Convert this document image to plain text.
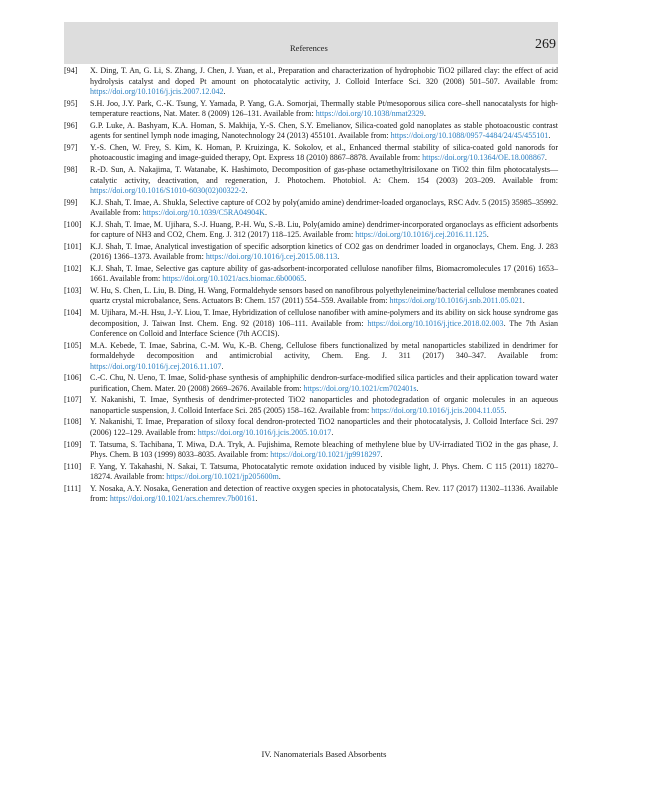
References	269
[94]	X. Ding, T. An, G. Li, S. Zhang, J. Chen, J. Yuan, et al., Preparation and characterization of hydrophobic TiO2 pillared clay: the effect of acid hydrolysis catalyst and doped Pt amount on photocatalytic activity, J. Colloid Interface Sci. 320 (2008) 501–507. Available from: https://doi.org/10.1016/j.jcis.2007.12.042.
[95]	S.H. Joo, J.Y. Park, C.-K. Tsung, Y. Yamada, P. Yang, G.A. Somorjai, Thermally stable Pt/mesoporous silica core–shell nanocatalysts for high-temperature reactions, Nat. Mater. 8 (2009) 126–131. Available from: https://doi.org/10.1038/nmat2329.
[96]	G.P. Luke, A. Bashyam, K.A. Homan, S. Makhija, Y.-S. Chen, S.Y. Emelianov, Silica-coated gold nanoplates as stable photoacoustic contrast agents for sentinel lymph node imaging, Nanotechnology 24 (2013) 455101. Available from: https://doi.org/10.1088/0957-4484/24/45/455101.
[97]	Y.-S. Chen, W. Frey, S. Kim, K. Homan, P. Kruizinga, K. Sokolov, et al., Enhanced thermal stability of silica-coated gold nanorods for photoacoustic imaging and image-guided therapy, Opt. Express 18 (2010) 8867–8878. Available from: https://doi.org/10.1364/OE.18.008867.
[98]	R.-D. Sun, A. Nakajima, T. Watanabe, K. Hashimoto, Decomposition of gas-phase octamethyltrisiloxane on TiO2 thin film photocatalysts—catalytic activity, deactivation, and regeneration, J. Photochem. Photobiol. A: Chem. 154 (2003) 203–209. Available from: https://doi.org/10.1016/S1010-6030(02)00322-2.
[99]	K.J. Shah, T. Imae, A. Shukla, Selective capture of CO2 by poly(amido amine) dendrimer-loaded organoclays, RSC Adv. 5 (2015) 35985–35992. Available from: https://doi.org/10.1039/C5RA04904K.
[100]	K.J. Shah, T. Imae, M. Ujihara, S.-J. Huang, P.-H. Wu, S.-B. Liu, Poly(amido amine) dendrimer-incorporated organoclays as efficient adsorbents for capture of NH3 and CO2, Chem. Eng. J. 312 (2017) 118–125. Available from: https://doi.org/10.1016/j.cej.2016.11.125.
[101]	K.J. Shah, T. Imae, Analytical investigation of specific adsorption kinetics of CO2 gas on dendrimer loaded in organoclays, Chem. Eng. J. 283 (2016) 1366–1373. Available from: https://doi.org/10.1016/j.cej.2015.08.113.
[102]	K.J. Shah, T. Imae, Selective gas capture ability of gas-adsorbent-incorporated cellulose nanofiber films, Biomacromolecules 17 (2016) 1653–1661. Available from: https://doi.org/10.1021/acs.biomac.6b00065.
[103]	W. Hu, S. Chen, L. Liu, B. Ding, H. Wang, Formaldehyde sensors based on nanofibrous polyethyleneimine/bacterial cellulose membranes coated quartz crystal microbalance, Sens. Actuators B: Chem. 157 (2011) 554–559. Available from: https://doi.org/10.1016/j.snb.2011.05.021.
[104]	M. Ujihara, M.-H. Hsu, J.-Y. Liou, T. Imae, Hybridization of cellulose nanofiber with amine-polymers and its ability on sick house syndrome gas decomposition, J. Taiwan Inst. Chem. Eng. 92 (2018) 106–111. Available from: https://doi.org/10.1016/j.jtice.2018.02.003. The 7th Asian Conference on Colloid and Interface Science (7th ACCIS).
[105]	M.A. Kebede, T. Imae, Sabrina, C.-M. Wu, K.-B. Cheng, Cellulose fibers functionalized by metal nanoparticles stabilized in dendrimer for formaldehyde decomposition and antimicrobial activity, Chem. Eng. J. 311 (2017) 340–347. Available from: https://doi.org/10.1016/j.cej.2016.11.107.
[106]	C.-C. Chu, N. Ueno, T. Imae, Solid-phase synthesis of amphiphilic dendron-surface-modified silica particles and their application toward water purification, Chem. Mater. 20 (2008) 2669–2676. Available from: https://doi.org/10.1021/cm702401s.
[107]	Y. Nakanishi, T. Imae, Synthesis of dendrimer-protected TiO2 nanoparticles and photodegradation of organic molecules in an aqueous nanoparticle suspension, J. Colloid Interface Sci. 285 (2005) 158–162. Available from: https://doi.org/10.1016/j.jcis.2004.11.055.
[108]	Y. Nakanishi, T. Imae, Preparation of siloxy focal dendron-protected TiO2 nanoparticles and their photocatalysis, J. Colloid Interface Sci. 297 (2006) 122–129. Available from: https://doi.org/10.1016/j.jcis.2005.10.017.
[109]	T. Tatsuma, S. Tachibana, T. Miwa, D.A. Tryk, A. Fujishima, Remote bleaching of methylene blue by UV-irradiated TiO2 in the gas phase, J. Phys. Chem. B 103 (1999) 8033–8035. Available from: https://doi.org/10.1021/jp9918297.
[110]	F. Yang, Y. Takahashi, N. Sakai, T. Tatsuma, Photocatalytic remote oxidation induced by visible light, J. Phys. Chem. C 115 (2011) 18270–18274. Available from: https://doi.org/10.1021/jp205600m.
[111]	Y. Nosaka, A.Y. Nosaka, Generation and detection of reactive oxygen species in photocatalysis, Chem. Rev. 117 (2017) 11302–11336. Available from: https://doi.org/10.1021/acs.chemrev.7b00161.
IV. Nanomaterials Based Absorbents
